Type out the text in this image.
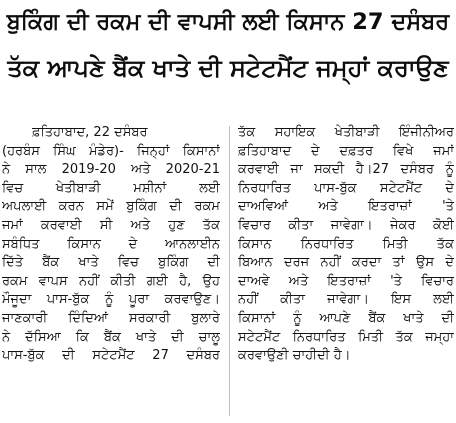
ਬੁਕਿੰਗ ਦੀ ਰਕਮ ਦੀ ਵਾਪਸੀ ਲਈ ਕਿਸਾਨ 27 ਦਸੰਬਰ
ਤੱਕ ਆਪਣੇ ਬੈਂਕ ਖਾਤੇ ਦੀ ਸਟੇਟਮੈਂਟ ਜਮ੍ਹਾਂ ਕਰਾਉਣ
ਫ਼ਤਿਹਾਬਾਦ, 22 ਦਸੰਬਰ
(ਹਰਬੰਸ ਸਿੰਘ ਮੰਡੇਰ)- ਜਿਨ੍ਹਾਂ ਕਿਸਾਨਾਂ
ਨੇ ਸਾਲ 2019-20 ਅਤੇ 2020-21
ਵਿਚ ਖੇਤੀਬਾੜੀ ਮਸ਼ੀਨਾਂ ਲਈ
ਅਪਲਾਈ ਕਰਨ ਸਮੇਂ ਬੁਕਿੰਗ ਦੀ ਰਕਮ
ਜਮਾਂ ਕਰਵਾਈ ਸੀ ਅਤੇ ਹੁਣ ਤੱਕ
ਸਬੰਧਿਤ ਕਿਸਾਨ ਦੇ ਆਨਲਾਈਨ
ਦਿੱਤੇ ਬੈਂਕ ਖਾਤੇ ਵਿਚ ਬੁਕਿੰਗ ਦੀ
ਰਕਮ ਵਾਪਸ ਨਹੀਂ ਕੀਤੀ ਗਈ ਹੈ, ਉਹ
ਮੌਜੂਦਾ ਪਾਸ-ਬੁੱਕ ਨੂੰ ਪੂਰਾ ਕਰਵਾਉਣ।
ਜਾਣਕਾਰੀ ਦਿੰਦਿਆਂ ਸਰਕਾਰੀ ਬੁਲਾਰੇ
ਨੇ ਦੱਸਿਆ ਕਿ ਬੈਂਕ ਖਾਤੇ ਦੀ ਚਾਲੂ
ਪਾਸ-ਬੁੱਕ ਦੀ ਸਟੇਟਮੈਂਟ 27 ਦਸੰਬਰ
ਤੱਕ ਸਹਾਇਕ ਖੇਤੀਬਾੜੀ ਇੰਜੀਨੀਅਰ
ਫ਼ਤਿਹਾਬਾਦ ਦੇ ਦਫ਼ਤਰ ਵਿਖੇ ਜਮਾਂ
ਕਰਵਾਈ ਜਾ ਸਕਦੀ ਹੈ।27 ਦਸੰਬਰ ਨੂੰ
ਨਿਰਧਾਰਿਤ ਪਾਸ-ਬੁੱਕ ਸਟੇਟਮੈਂਟ ਦੇ
ਦਾਅਵਿਆਂ ਅਤੇ ਇਤਰਾਜ਼ਾਂ 'ਤੇ
ਵਿਚਾਰ ਕੀਤਾ ਜਾਵੇਗਾ। ਜੇਕਰ ਕੋਈ
ਕਿਸਾਨ ਨਿਰਧਾਰਿਤ ਮਿਤੀ ਤੱਕ
ਬਿਆਨ ਦਰਜ ਨਹੀਂ ਕਰਦਾ ਤਾਂ ਉਸ ਦੇ
ਦਾਅਵੇ ਅਤੇ ਇਤਰਾਜ਼ਾਂ 'ਤੇ ਵਿਚਾਰ
ਨਹੀਂ ਕੀਤਾ ਜਾਵੇਗਾ। ਇਸ ਲਈ
ਕਿਸਾਨਾਂ ਨੂੰ ਆਪਣੇ ਬੈਂਕ ਖਾਤੇ ਦੀ
ਸਟੇਟਮੈਂਟ ਨਿਰਧਾਰਿਤ ਮਿਤੀ ਤੱਕ ਜਮ੍ਹਾ
ਕਰਵਾਉਣੀ ਚਾਹੀਦੀ ਹੈ।
